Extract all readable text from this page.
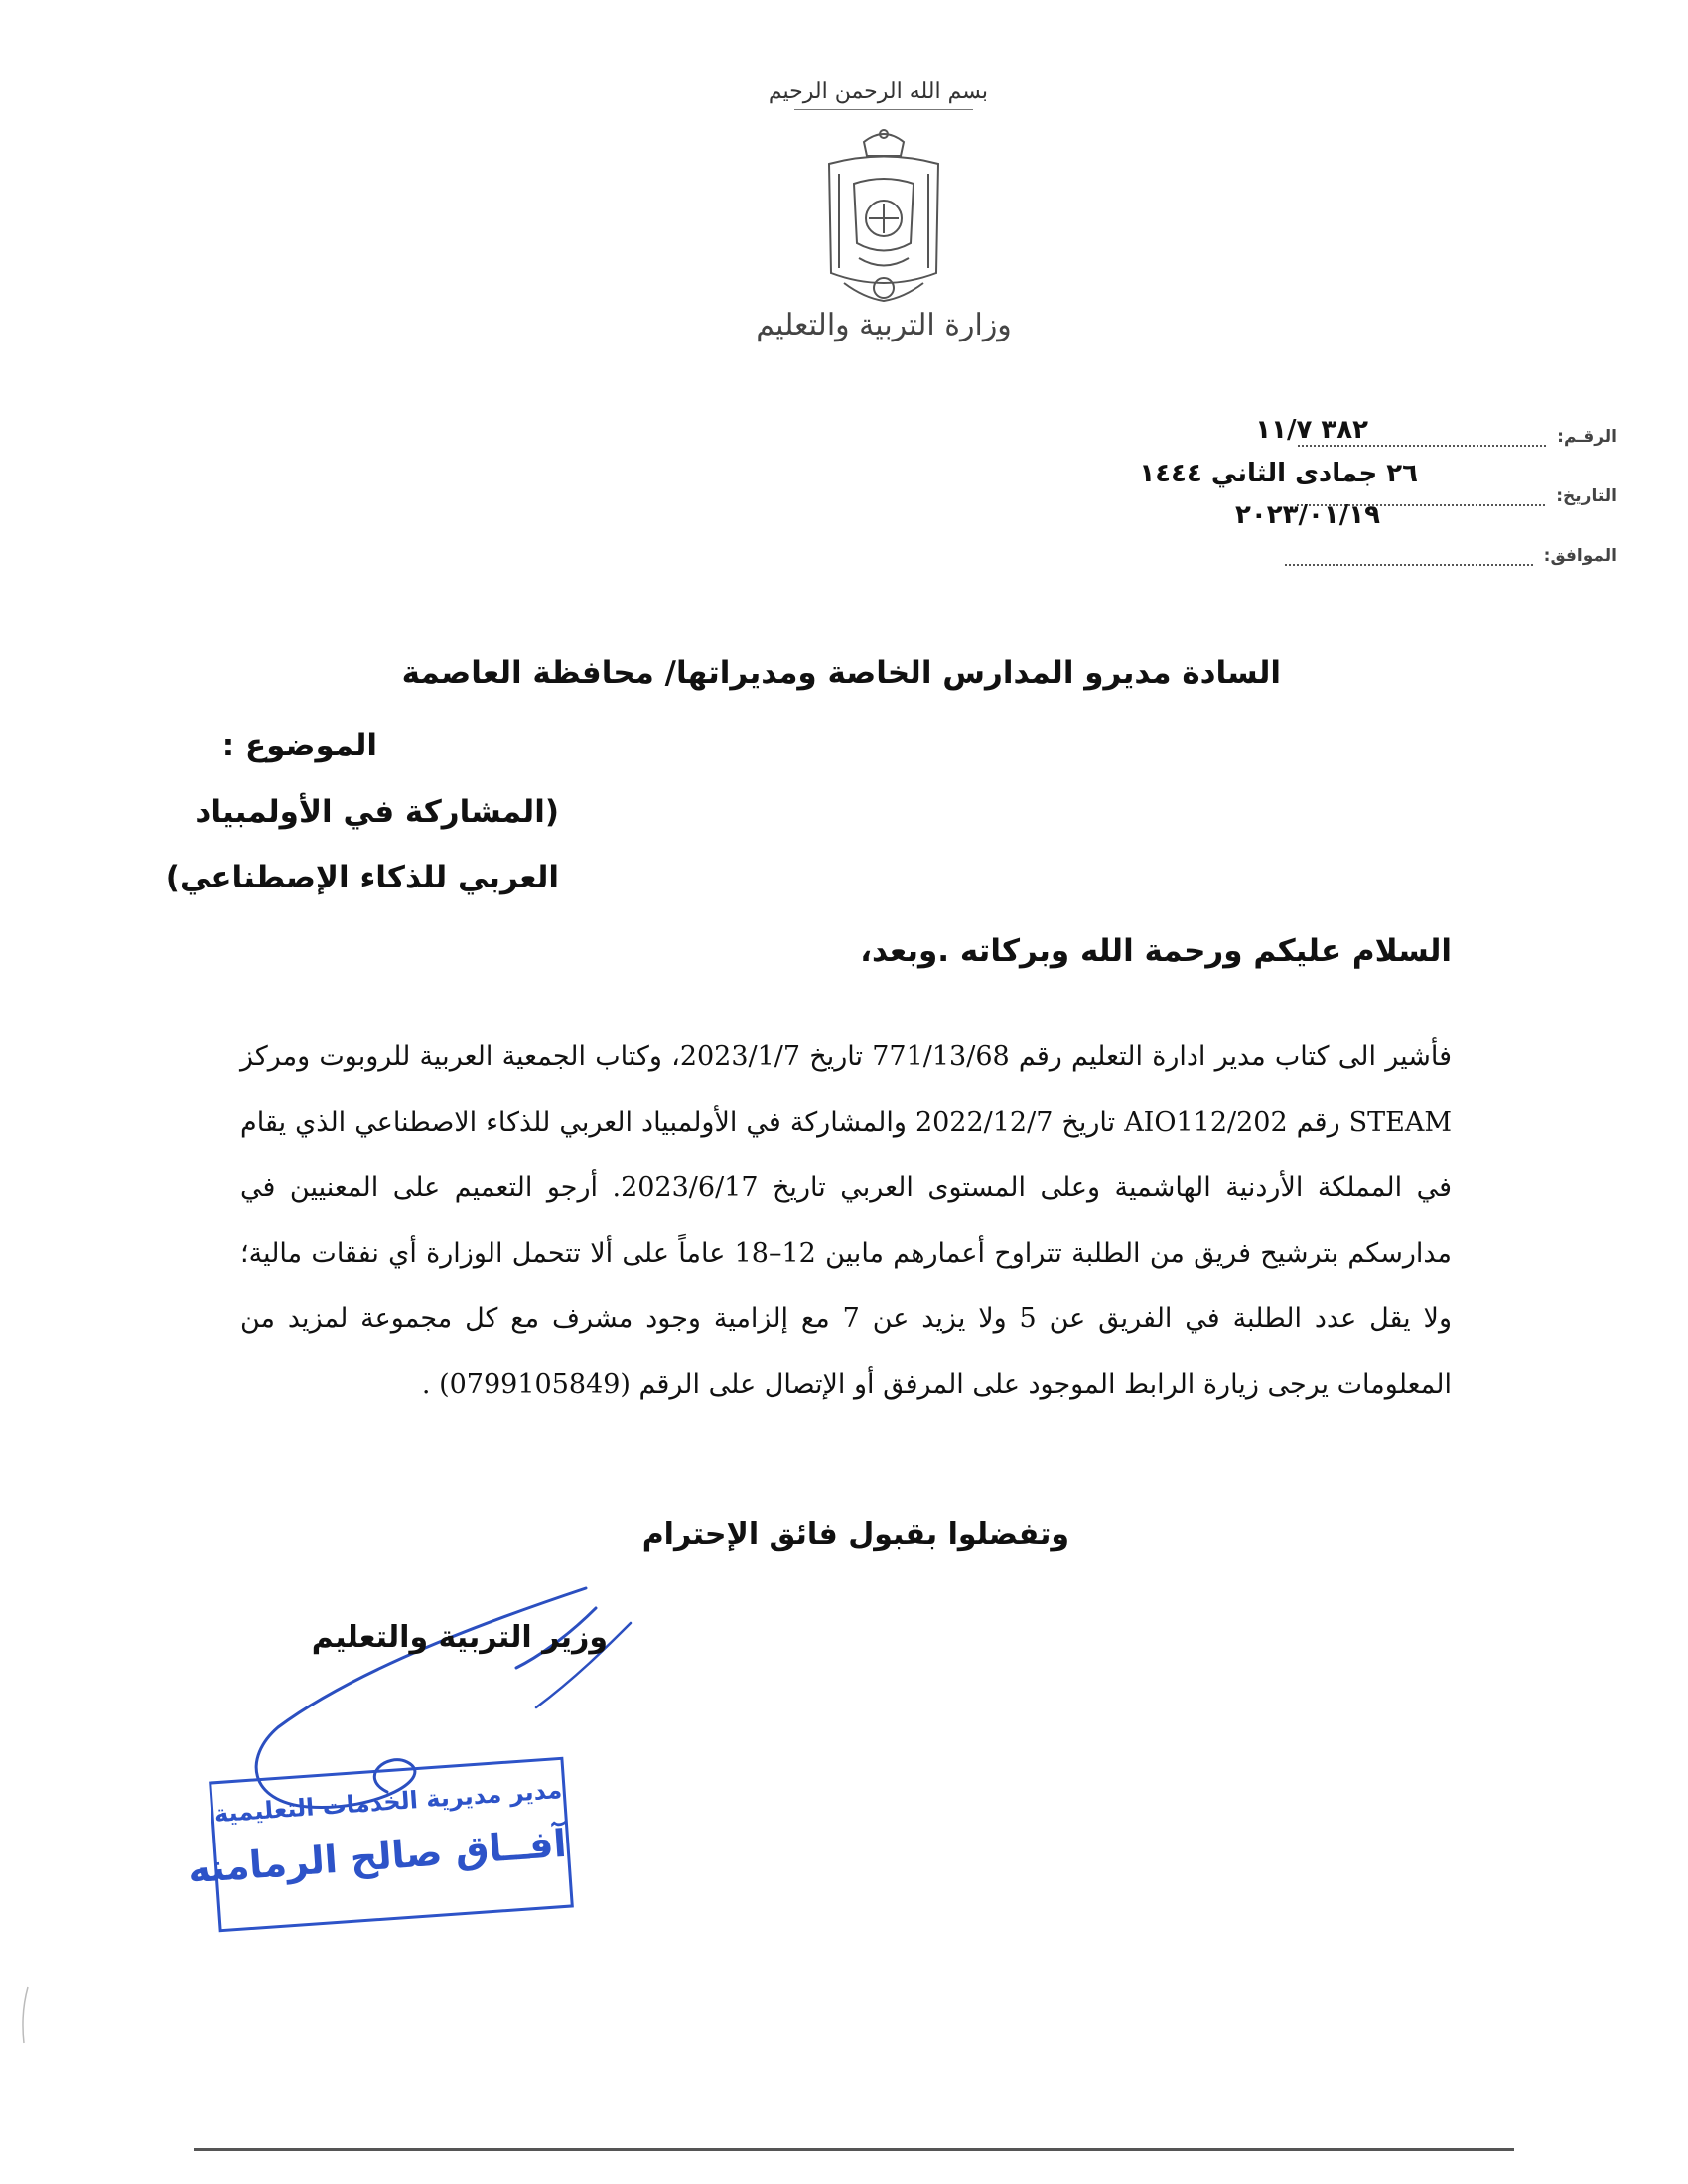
بسم الله الرحمن الرحيم
وزارة التربية والتعليم
الرقـم:
٣٨٢ ١١/٧
التاريخ:
٢٦ جمادى الثاني ١٤٤٤
٢٠٢٣/٠١/١٩
الموافق:
السادة مديرو المدارس الخاصة ومديراتها/ محافظة العاصمة
الموضوع :
(المشاركة في الأولمبياد
العربي للذكاء الإصطناعي)
السلام عليكم ورحمة الله وبركاته .وبعد،
فأشير الى كتاب مدير ادارة التعليم رقم 771/13/68 تاريخ 2023/1/7، وكتاب الجمعية العربية للروبوت ومركز STEAM رقم AIO112/202 تاريخ 2022/12/7 والمشاركة في الأولمبياد العربي للذكاء الاصطناعي الذي يقام في المملكة الأردنية الهاشمية وعلى المستوى العربي تاريخ 2023/6/17. أرجو التعميم على المعنيين في مدارسكم بترشيح فريق من الطلبة تتراوح أعمارهم مابين 12–18 عاماً على ألا تتحمل الوزارة أي نفقات مالية؛ ولا يقل عدد الطلبة في الفريق عن 5 ولا يزيد عن 7 مع إلزامية وجود مشرف مع كل مجموعة لمزيد من المعلومات يرجى زيارة الرابط الموجود على المرفق أو الإتصال على الرقم (0799105849) .
وتفضلوا بقبول فائق الإحترام
وزير التربية والتعليم
مدير مديرية الخدمات التعليمية
آفــاق صالح الرمامنه
